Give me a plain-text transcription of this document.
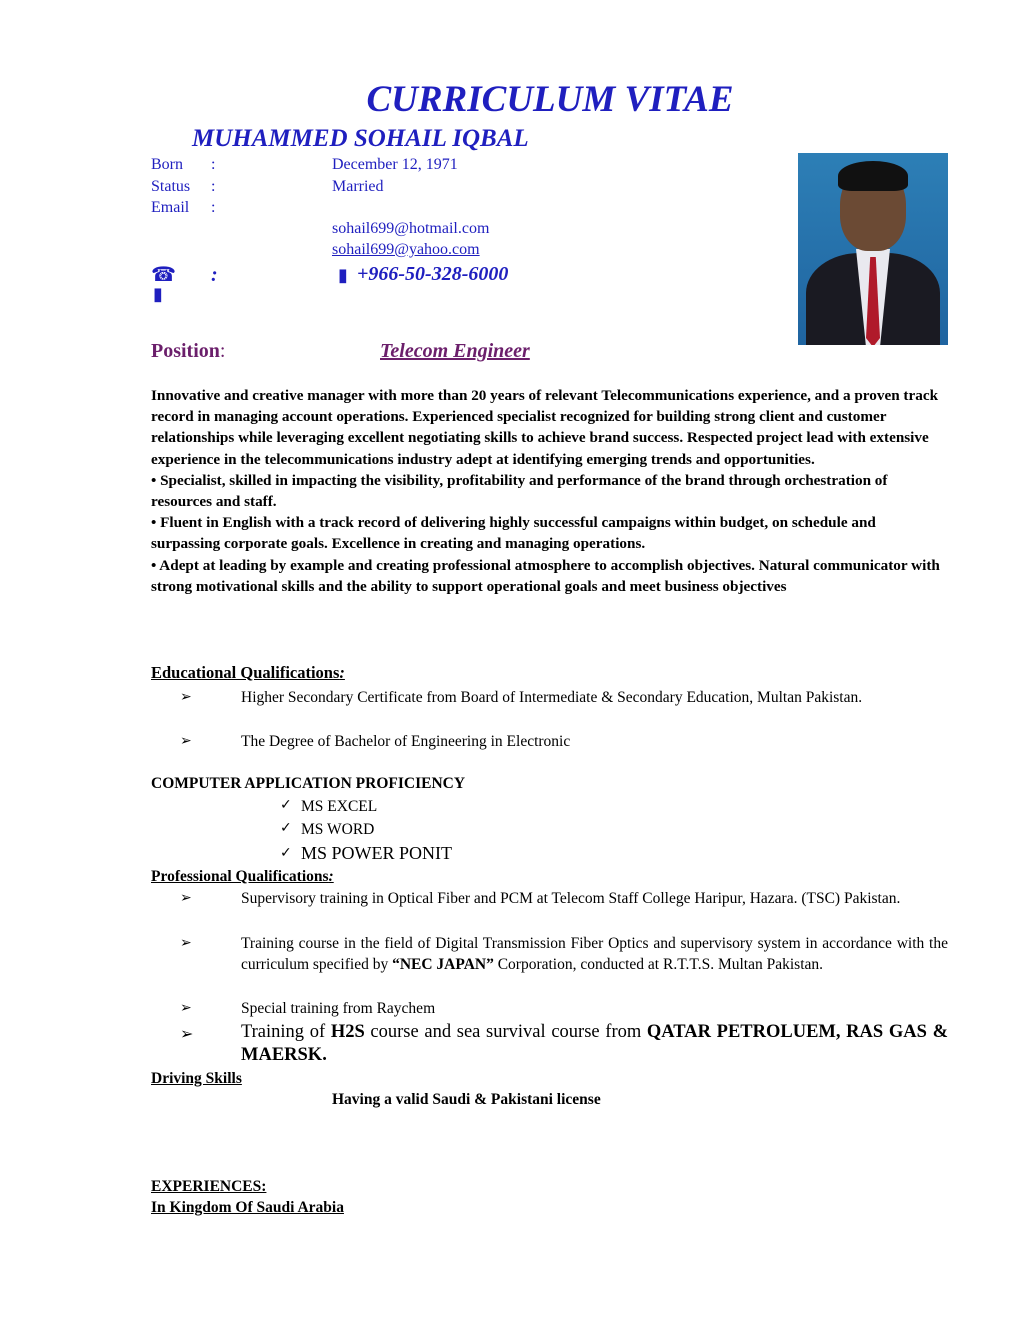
CURRICULUM VITAE
MUHAMMED SOHAIL IQBAL
Born :	December 12, 1971
Status :	Married
Email :
sohail699@hotmail.com
sohail699@yahoo.com
☎
▮
:	▮ +966-50-328-6000
Position:	Telecom Engineer

Innovative and creative manager with more than 20 years of relevant Telecommunications experience, and a proven track record in managing account operations. Experienced specialist recognized for building strong client and customer relationships while leveraging excellent negotiating skills to achieve brand success. Respected project lead with extensive experience in the telecommunications industry adept at identifying emerging trends and opportunities.

• Specialist, skilled in impacting the visibility, profitability and performance of the brand through orchestration of resources and staff.

• Fluent in English with a track record of delivering highly successful campaigns within budget, on schedule and surpassing corporate goals. Excellence in creating and managing operations.

• Adept at leading by example and creating professional atmosphere to accomplish objectives. Natural communicator with strong motivational skills and the ability to support operational goals and meet business objectives

Educational Qualifications:
➢	Higher Secondary Certificate from Board of Intermediate & Secondary Education, Multan Pakistan.
➢	The Degree of Bachelor of Engineering in Electronic
COMPUTER APPLICATION PROFICIENCY
✓ MS EXCEL
✓ MS WORD
✓ MS POWER PONIT
Professional Qualifications:
➢	Supervisory training in Optical Fiber and PCM at Telecom Staff College Haripur, Hazara. (TSC) Pakistan.
➢	Training course in the field of Digital Transmission Fiber Optics and supervisory system in accordance with the curriculum specified by “NEC JAPAN” Corporation, conducted at R.T.T.S. Multan Pakistan.
➢	Special training from Raychem
➢	Training of H2S course and sea survival course from QATAR PETROLUEM, RAS GAS & MAERSK.
Driving Skills
Having a valid Saudi & Pakistani license
EXPERIENCES:
In Kingdom Of Saudi Arabia
